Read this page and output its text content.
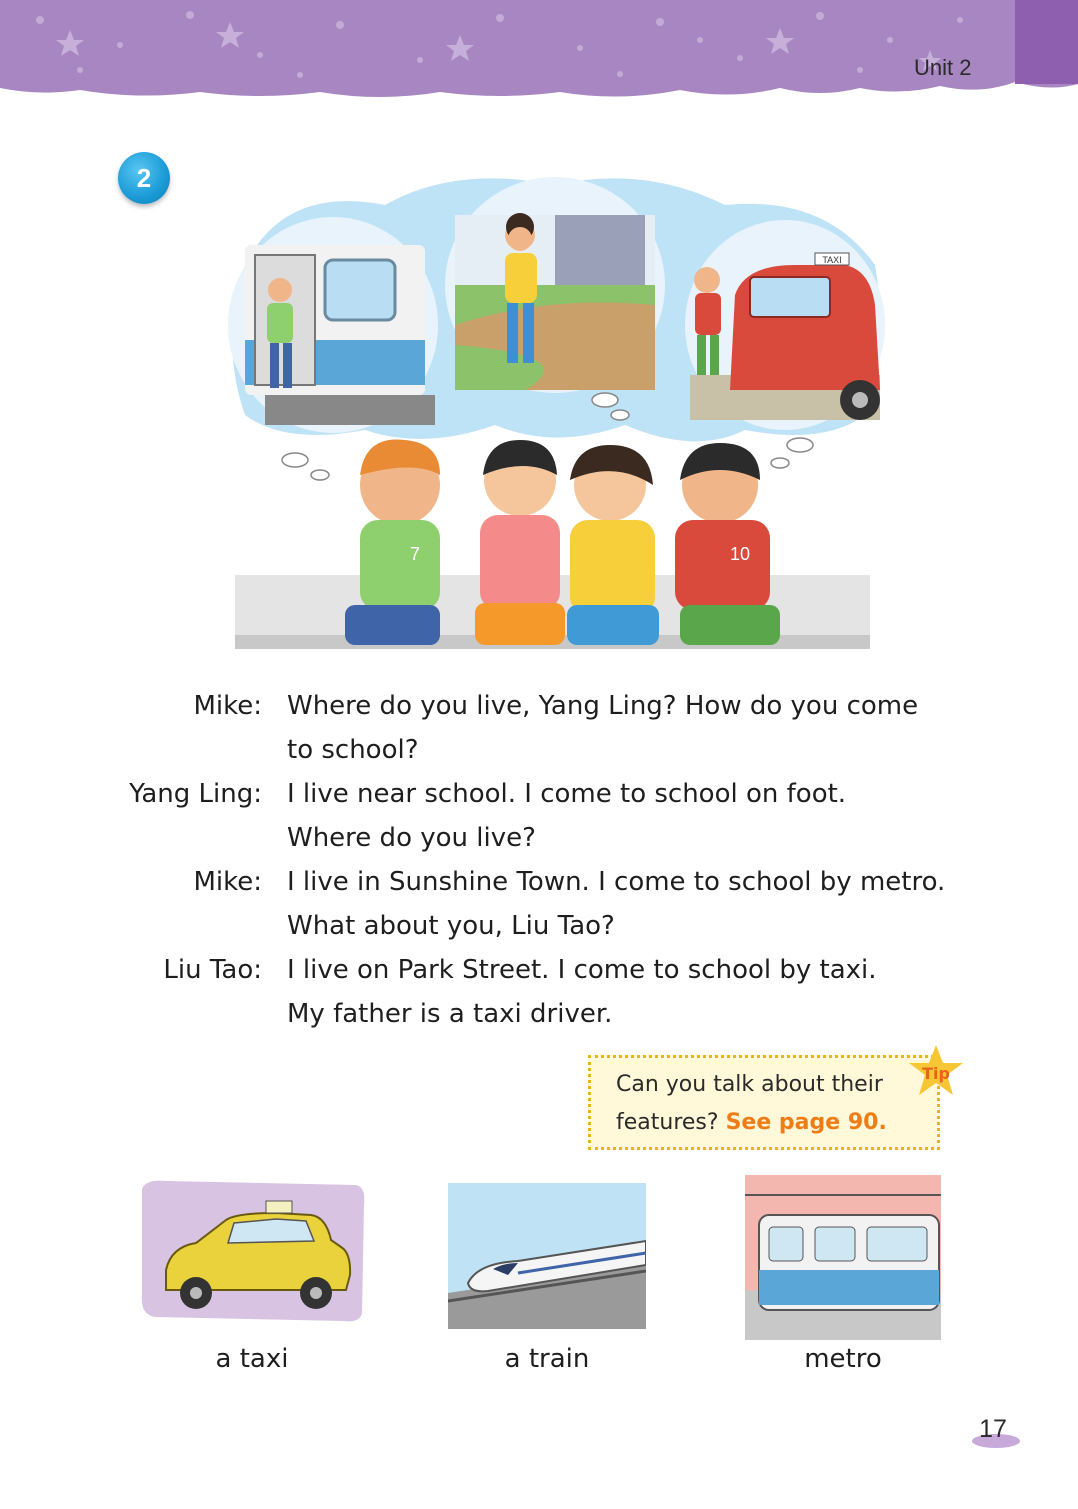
Unit 2
2
TAXI
7	10
Mike: Where do you live, Yang Ling? How do you come
to school?
Yang Ling: I live near school. I come to school on foot.
Where do you live?
Mike: I live in Sunshine Town. I come to school by metro.
What about you, Liu Tao?
Liu Tao: I live on Park Street. I come to school by taxi.
My father is a taxi driver.
Can you talk about their
features? See page 90.
Tip
a taxi	a train	metro
17
